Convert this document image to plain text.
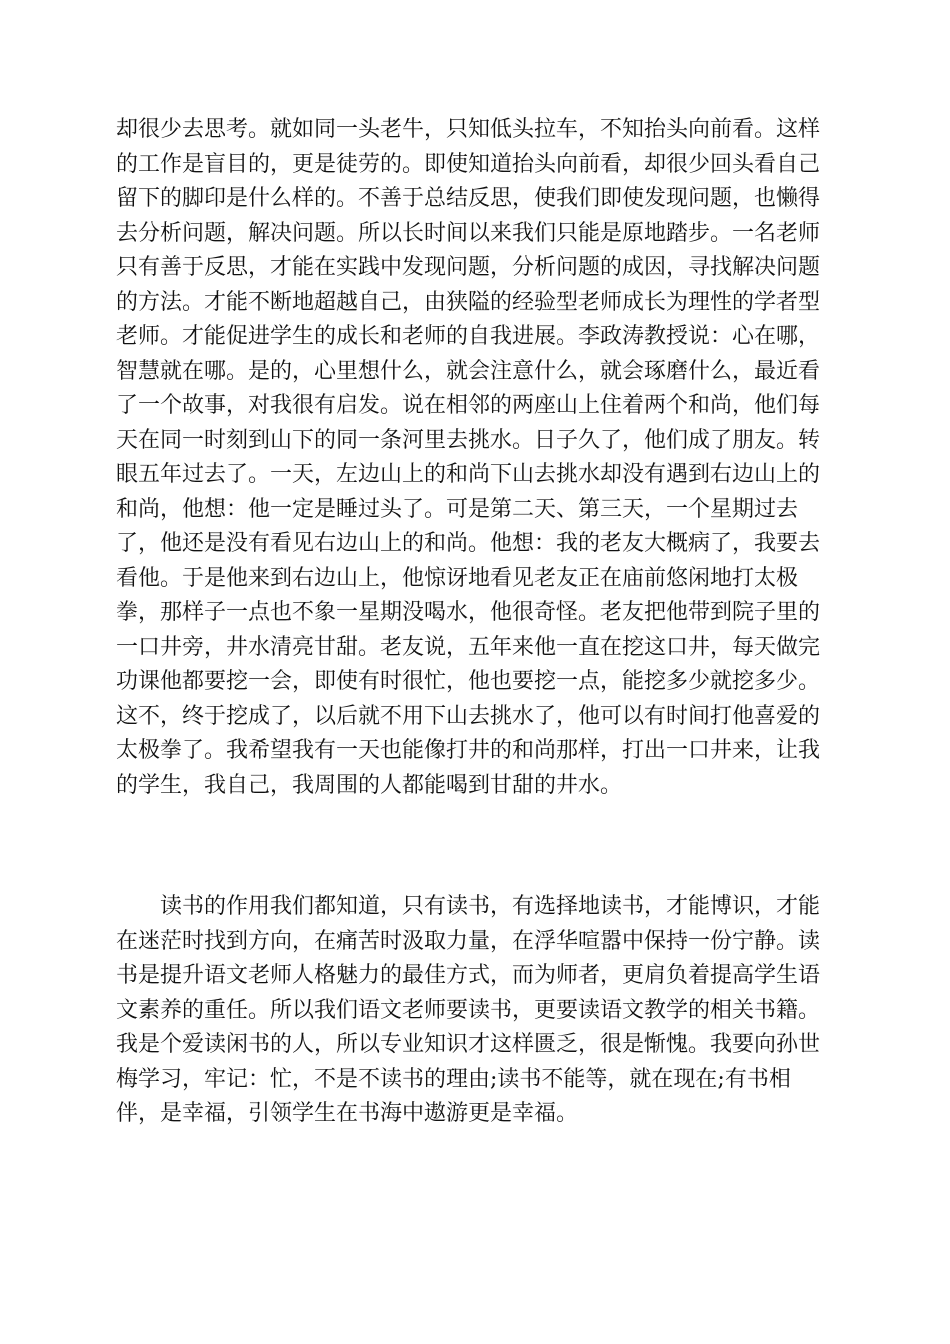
却很少去思考。就如同一头老牛，只知低头拉车，不知抬头向前看。这样
的工作是盲目的，更是徒劳的。即使知道抬头向前看，却很少回头看自己
留下的脚印是什么样的。不善于总结反思，使我们即使发现问题，也懒得
去分析问题，解决问题。所以长时间以来我们只能是原地踏步。一名老师
只有善于反思，才能在实践中发现问题，分析问题的成因，寻找解决问题
的方法。才能不断地超越自己，由狭隘的经验型老师成长为理性的学者型
老师。才能促进学生的成长和老师的自我进展。李政涛教授说：心在哪，
智慧就在哪。是的，心里想什么，就会注意什么，就会琢磨什么，最近看
了一个故事，对我很有启发。说在相邻的两座山上住着两个和尚，他们每
天在同一时刻到山下的同一条河里去挑水。日子久了，他们成了朋友。转
眼五年过去了。一天，左边山上的和尚下山去挑水却没有遇到右边山上的
和尚，他想：他一定是睡过头了。可是第二天、第三天，一个星期过去
了，他还是没有看见右边山上的和尚。他想：我的老友大概病了，我要去
看他。于是他来到右边山上，他惊讶地看见老友正在庙前悠闲地打太极
拳，那样子一点也不象一星期没喝水，他很奇怪。老友把他带到院子里的
一口井旁，井水清亮甘甜。老友说，五年来他一直在挖这口井，每天做完
功课他都要挖一会，即使有时很忙，他也要挖一点，能挖多少就挖多少。
这不，终于挖成了，以后就不用下山去挑水了，他可以有时间打他喜爱的
太极拳了。我希望我有一天也能像打井的和尚那样，打出一口井来，让我
的学生，我自己，我周围的人都能喝到甘甜的井水。
　　读书的作用我们都知道，只有读书，有选择地读书，才能博识，才能
在迷茫时找到方向，在痛苦时汲取力量，在浮华喧嚣中保持一份宁静。读
书是提升语文老师人格魅力的最佳方式，而为师者，更肩负着提高学生语
文素养的重任。所以我们语文老师要读书，更要读语文教学的相关书籍。
我是个爱读闲书的人，所以专业知识才这样匮乏，很是惭愧。我要向孙世
梅学习，牢记：忙，不是不读书的理由;读书不能等，就在现在;有书相
伴，是幸福，引领学生在书海中遨游更是幸福。
